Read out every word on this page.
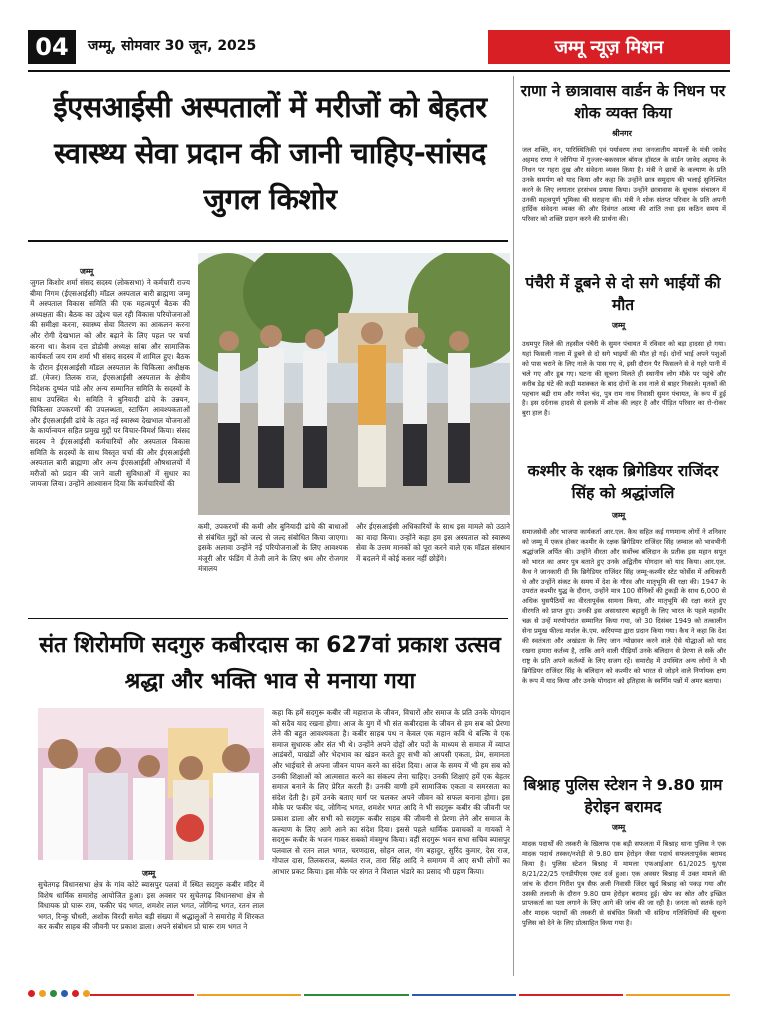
04	जम्मू, सोमवार 30 जून, 2025	जम्मू न्यूज़ मिशन
ईएसआईसी अस्पतालों में मरीजों को बेहतर स्वास्थ्य सेवा प्रदान की जानी चाहिए-सांसद जुगल किशोर
जम्मू
जुगल किशोर शर्मा संसद सदस्य (लोकसभा) ने कर्मचारी राज्य बीमा निगम (ईएसआईसी) मॉडल अस्पताल बारी ब्राह्मणा जम्मू में अस्पताल विकास समिति की एक महत्वपूर्ण बैठक की अध्यक्षता की। बैठक का उद्देश्य चल रही विकास परियोजनाओं की समीक्षा करना, स्वास्थ्य सेवा वितरण का आकलन करना और रोगी देखभाल को और बढ़ाने के लिए पहल पर चर्चा करना था। केशव दत्त डोडोवी अध्यक्ष सांबा और सामाजिक कार्यकर्ता जय राम शर्मा भी संसद सदस्य में शामिल हुए। बैठक के दौरान ईएसआईसी मॉडल अस्पताल के चिकित्सा अधीक्षक डॉ. (मेजर) तिलक राज, ईएसआईसी अस्पताल के क्षेत्रीय निदेशक दुष्यंत पांडे और अन्य सम्मानित समिति के सदस्यों के साथ उपस्थित थे। समिति ने बुनियादी ढांचे के उन्नयन, चिकित्सा उपकरणों की उपलब्धता, स्टाफिंग आवश्यकताओं और ईएसआईसी ढांचे के तहत नई स्वास्थ्य देखभाल योजनाओं के कार्यान्वयन सहित प्रमुख मुद्दों पर विचार-विमर्श किया। संसद सदस्य ने ईएसआईसी कर्मचारियों और अस्पताल विकास समिति के सदस्यों के साथ विस्तृत चर्चा की और ईएसआईसी अस्पताल बारी ब्राह्मणा और अन्य ईएसआईसी औषधालयों में मरीजों को प्रदान की जाने वाली सुविधाओं में सुधार का जायजा लिया। उन्होंने आश्वासन दिया कि कर्मचारियों की
कमी, उपकरणों की कमी और बुनियादी ढांचे की बाधाओं से संबंधित मुद्दों को जल्द से जल्द संबोधित किया जाएगा। इसके अलावा उन्होंने नई परियोजनाओं के लिए आवश्यक मंजूरी और फंडिंग में तेजी लाने के लिए श्रम और रोजगार मंत्रालय
और ईएसआईसी अधिकारियों के साथ इस मामले को उठाने का वादा किया। उन्होंने कहा हम इस अस्पताल को स्वास्थ्य सेवा के उत्तम मानकों को पूरा करने वाले एक मॉडल संस्थान में बदलने में कोई कसर नहीं छोड़ेंगे।
संत शिरोमणि सदगुरु कबीरदास का 627वां प्रकाश उत्सव श्रद्धा और भक्ति भाव से मनाया गया
जम्मू
सुचेतगढ़ विधानसभा क्षेत्र के गांव कोटे ब्यासपुर पलवां में स्थित सदगुरु कबीर मंदिर में विशेष धार्मिक समारोह आयोजित हुआ। इस अवसर पर सुचेतगढ़ विधानसभा क्षेत्र से विधायक प्रो घारू राम, फकीर चंद भगत, शमशेर लाल भगत, जोगिन्द्र भगत, रतन लाल भगत, रिन्कु चौधरी, अशोक विरदी समेत बड़ी संख्या में श्रद्धालुओं ने समारोह में शिरकत कर कबीर साहब की जीवनी पर प्रकाश डाला। अपने संबोधन प्रो घारू राम भगत ने
कहा कि हमें सदगुरू कबीर जी महाराज के जीवन, विचारों और समाज के प्रति उनके योगदान को सदैव याद रखना होगा। आज के युग में भी संत कबीरदास के जीवन से हम सब को प्रेरणा लेने की बहुत आवश्यकता है। कबीर साहब पथ न केवल एक महान कवि थे बल्कि वे एक समाज सुधारक और संत भी थे। उन्होंने अपने दोहों और पदों के माध्यम से समाज में व्याप्त आडंबरों, पाखंडों और भेदभाव का खंडन करते हुए सभी को आपसी एकता, प्रेम, समानता और भाईचारे से अपना जीवन यापन करने का संदेश दिया। आज के समय में भी हम सब को उनकी शिक्षाओं को आत्मसात करने का संकल्प लेना चाहिए। उनकी शिक्षाएं हमें एक बेहतर समाज बनाने के लिए प्रेरित करती हैं। उनकी वाणी हमें सामाजिक एकता व समरसता का संदेश देती है। हमें उनके बताए मार्ग पर चलकर अपने जीवन को सफल बनाना होगा। इस मौके पर फकीर चंद, जोगिन्द भगत, शमशेर भगत आदि ने भी सदगुरू कबीर की जीवनी पर प्रकाश डाला और सभी को सदगुरू कबीर साहब की जीवनी से प्रेरणा लेने और समाज के कल्याण के लिए आगे आने का संदेश दिया। इससे पहले धार्मिक प्रवाचकों व गायकों ने सदगुरू कबीर के भजन गाकर सबको मंत्रमुग्ध किया। वहीं सदगुरू भवन सभा सचिव ब्यासपुर पलवाल से रतन लाल भगत, चरणदास, सोहन लाल, गंग बहादुर, सुरिंद कुमार, देस राज, गोपाल दास, तिलकराज, बलवंत राज, तारा सिंह आदि ने समागम में आए सभी लोगों का आभार प्रकट किया। इस मौके पर संगत ने विशाल भंडारे का प्रसाद भी ग्रहण किया।
राणा ने छात्रावास वार्डन के निधन पर शोक व्यक्त किया
श्रीनगर
जल शक्ति, वन, पारिस्थितिकी एवं पर्यावरण तथा जनजातीय मामलों के मंत्री जावेद अहमद राणा ने जोगिया में गुज्जर-बकरवाल बॉयज हॉस्टल के वार्डन जावेद अहमद के निधन पर गहरा दुख और संवेदना व्यक्त किया है। मंत्री ने छात्रों के कल्याण के प्रति उनके समर्पण को याद किया और कहा कि उन्होंने छात्र समुदाय की भलाई सुनिश्चित करने के लिए लगातार हरसंभव प्रयास किया। उन्होंने छात्रावास के सुचारू संचालन में उनकी महत्वपूर्ण भूमिका की सराहना की। मंत्री ने शोक संतप्त परिवार के प्रति अपनी हार्दिक संवेदना व्यक्त की और दिवंगत आत्मा की शांति तथा इस कठिन समय में परिवार को शक्ति प्रदान करने की प्रार्थना की।
पंचैरी में डूबने से दो सगे भाईयों की मौत
जम्मू
उधमपुर जिले की तहसील पंचैरी के सुमन पंचायत में रविवार को बड़ा हादसा हो गया। यहां फिसली नाला में डूबने से दो सगे भाइयों की मौत हो गई। दोनों भाई अपने पशुओं को पास चराने के लिए नाले के पास गए थे, इसी दौरान पैर फिसलने से वे गहरे पानी में चले गए और डूब गए। घटना की सूचना मिलते ही स्थानीय लोग मौके पर पहुंचे और करीब डेढ़ घंटे की कड़ी मशक्कत के बाद दोनों के शव नाले से बाहर निकाले। मृतकों की पहचान बद्री राम और गणेश चंद, पुत्र राम नाथ निवासी सुमन पंचायत, के रूप में हुई है। इस दर्दनाक हादसे से इलाके में शोक की लहर है और पीड़ित परिवार का रो-रोकर बुरा हाल है।
कश्मीर के रक्षक ब्रिगेडियर राजिंदर सिंह को श्रद्धांजलि
जम्मू
समाजसेवी और भाजपा कार्यकर्ता आर.एल. कैथ सहित कई गणमान्य लोगों ने शनिवार को जम्मू में एकत्र होकर कश्मीर के रक्षक ब्रिगेडियर राजिंदर सिंह जम्वाल को भावभीनी श्रद्धांजलि अर्पित की। उन्होंने वीरता और सर्वोच्च बलिदान के प्रतीक इस महान सपूत को भारत का अमर पुत्र बताते हुए उनके अद्वितीय योगदान को याद किया। आर.एल. कैथ ने जानकारी दी कि ब्रिगेडियर राजिंदर सिंह जम्मू-कश्मीर स्टेट फोर्सेस में अधिकारी थे और उन्होंने संकट के समय में देश के गौरव और मातृभूमि की रक्षा की। 1947 के उपरांत कश्मीर युद्ध के दौरान, उन्होंने मात्र 100 सैनिकों की टुकड़ी के साथ 6,000 से अधिक घुसपैठियों का वीरतापूर्वक सामना किया, और मातृभूमि की रक्षा करते हुए वीरगति को प्राप्त हुए। उनकी इस असाधारण बहादुरी के लिए भारत के पहले महावीर चक्र से उन्हें मरणोपरांत सम्मानित किया गया, जो 30 दिसंबर 1949 को तत्कालीन सेना प्रमुख फील्ड मार्शल के.एम. करियप्पा द्वारा प्रदान किया गया। कैथ ने कहा कि देश की स्वतंत्रता और अखंडता के लिए जान न्योछावर करने वाले ऐसे योद्धाओं को याद रखना हमारा कर्तव्य है, ताकि आने वाली पीढ़ियाँ उनके बलिदान से प्रेरणा ले सकें और राष्ट्र के प्रति अपने कर्तव्यों के लिए सजग रहें। समारोह में उपस्थित अन्य लोगों ने भी ब्रिगेडियर राजिंदर सिंह के बलिदान को कश्मीर को भारत से जोड़ने वाले निर्णायक क्षण के रूप में याद किया और उनके योगदान को इतिहास के स्वर्णिम पन्नों में अमर बताया।
बिश्नाह पुलिस स्टेशन ने 9.80 ग्राम हेरोइन बरामद
जम्मू
मादक पदार्थों की तस्करी के खिलाफ एक बड़ी सफलता में बिश्नाह थाना पुलिस ने एक मादक पदार्थ तस्कर/नशेड़ी से 9.80 ग्राम हेरोइन जैसा पदार्थ सफलतापूर्वक बरामद किया है। पुलिस स्टेशन बिश्नाह में मामला एफआईआर 61/2025 यू/एस 8/21/22/25 एनडीपीएस एक्ट दर्ज हुआ। एक अवसर बिश्नाह में उक्त मामले की जांच के दौरान गिरीश पुत्र सैफ़ अली निवासी जिंदर खुर्द बिश्नाह को पकड़ गया और उसकी तलाशी के दौरान 9.80 ग्राम हेरोइन बरामद हुई। खेप का स्रोत और इच्छित प्राप्तकर्ता का पता लगाने के लिए आगे की जांच की जा रही है। जनता को सतर्क रहने और मादक पदार्थों की तस्करी से संबंधित किसी भी संदिग्ध गतिविधियों की सूचना पुलिस को देने के लिए प्रोत्साहित किया गया है।
